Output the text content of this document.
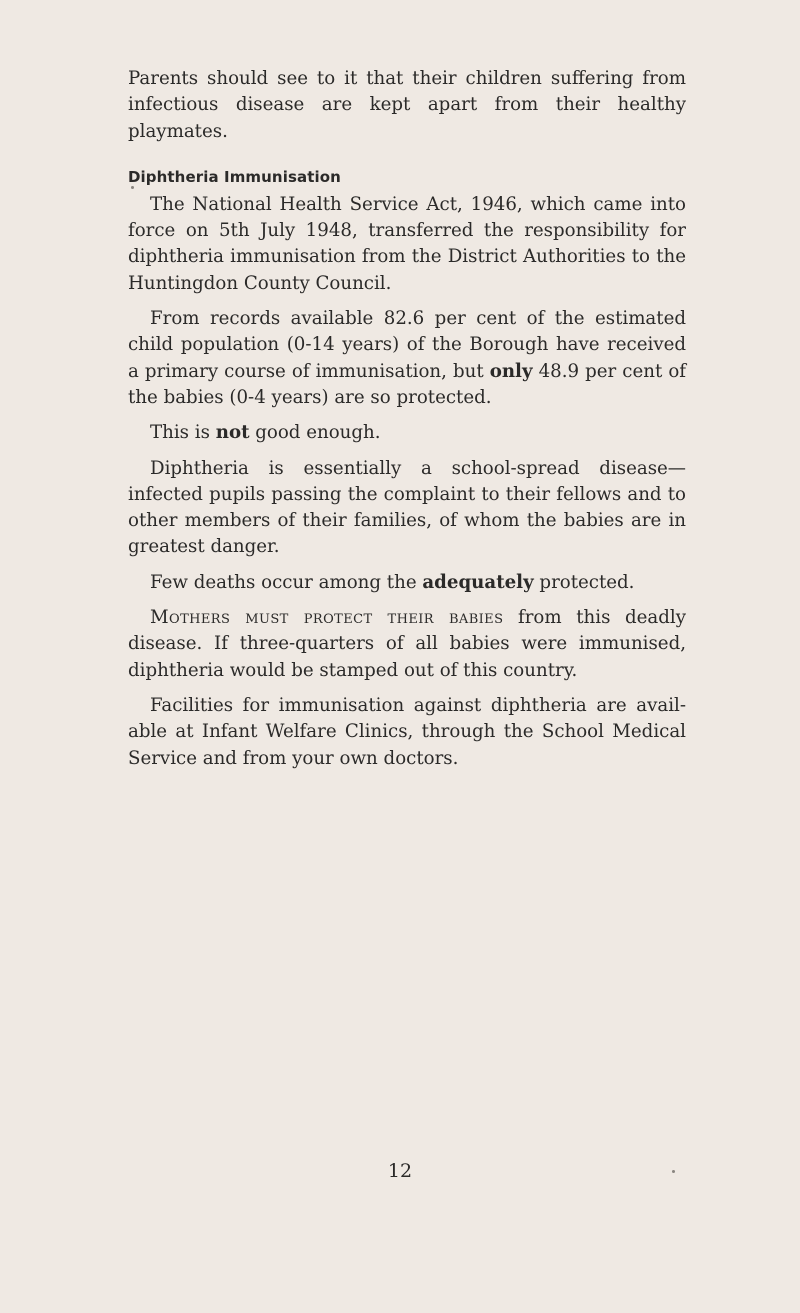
Parents should see to it that their children suffering from infectious disease are kept apart from their healthy playmates.

Diphtheria Immunisation

The National Health Service Act, 1946, which came into force on 5th July 1948, transferred the responsibility for diphtheria immunisation from the District Authorities to the Huntingdon County Council.

From records available 82.6 per cent of the estimated child population (0-14 years) of the Borough have received a primary course of immunisation, but only 48.9 per cent of the babies (0-4 years) are so protected.

This is not good enough.

Diphtheria is essentially a school-spread disease—infected pupils passing the complaint to their fellows and to other members of their families, of whom the babies are in greatest danger.

Few deaths occur among the adequately protected.

Mothers must protect their babies from this deadly disease. If three-quarters of all babies were immunised, diphtheria would be stamped out of this country.

Facilities for immunisation against diphtheria are avail-able at Infant Welfare Clinics, through the School Medical Service and from your own doctors.

12
